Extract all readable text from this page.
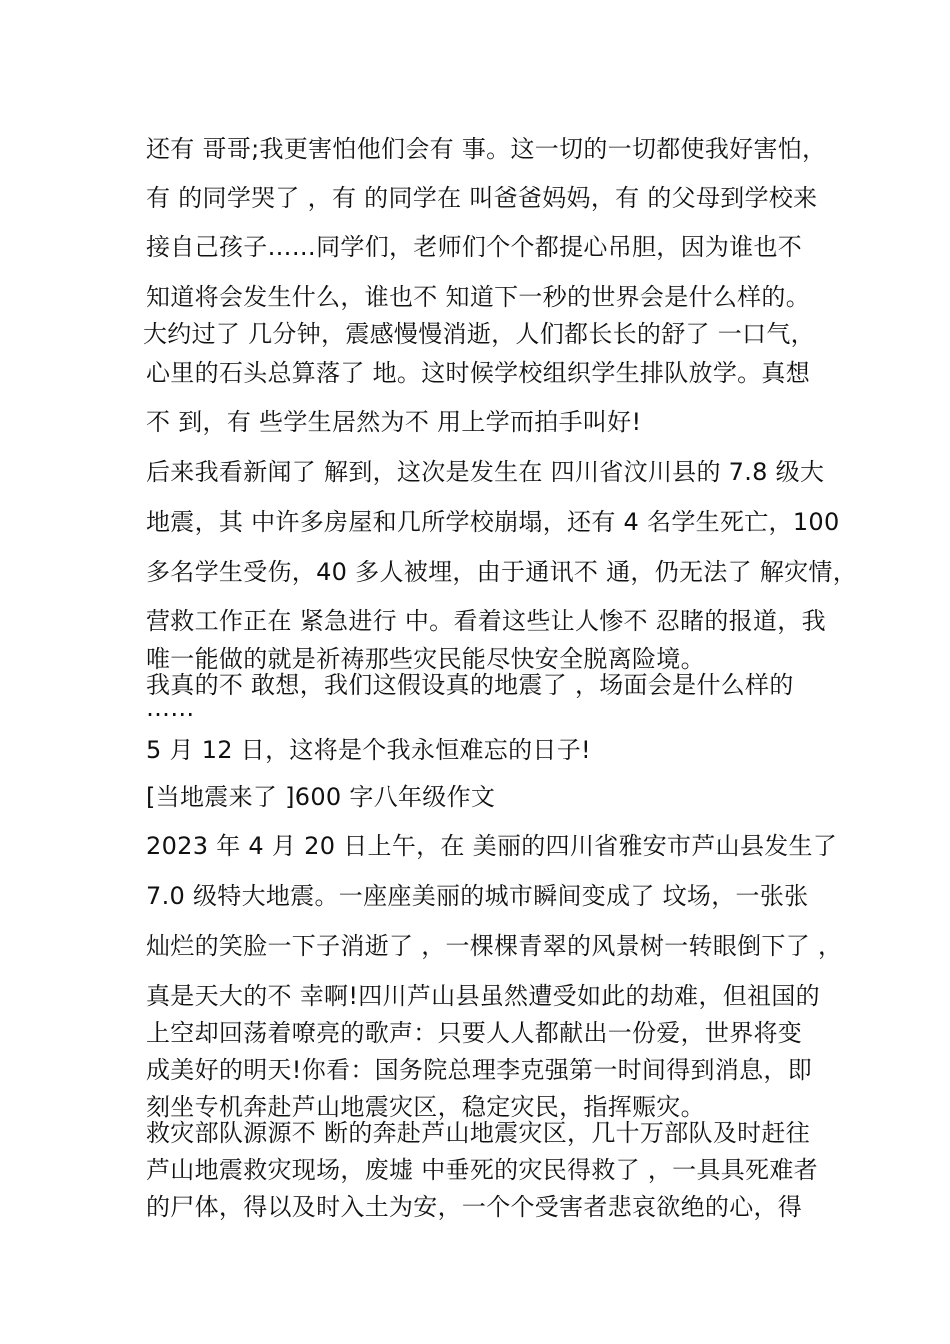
还有 哥哥;我更害怕他们会有 事。这一切的一切都使我好害怕，
有 的同学哭了 ，有 的同学在 叫爸爸妈妈，有 的父母到学校来
接自己孩子……同学们，老师们个个都提心吊胆，因为谁也不
知道将会发生什么，谁也不 知道下一秒的世界会是什么样的。
大约过了 几分钟，震感慢慢消逝，人们都长长的舒了 一口气，
心里的石头总算落了 地。这时候学校组织学生排队放学。真想
不 到，有 些学生居然为不 用上学而拍手叫好!
后来我看新闻了 解到，这次是发生在 四川省汶川县的 7.8 级大
地震，其 中许多房屋和几所学校崩塌，还有 4 名学生死亡，100
多名学生受伤，40 多人被埋，由于通讯不 通，仍无法了 解灾情，
营救工作正在 紧急进行 中。看着这些让人惨不 忍睹的报道，我
唯一能做的就是祈祷那些灾民能尽快安全脱离险境。
我真的不 敢想，我们这假设真的地震了 ，场面会是什么样的
……
5 月 12 日，这将是个我永恒难忘的日子!
[当地震来了 ]600 字八年级作文
2023 年 4 月 20 日上午，在 美丽的四川省雅安市芦山县发生了
7.0 级特大地震。一座座美丽的城市瞬间变成了 坟场，一张张
灿烂的笑脸一下子消逝了 ，一棵棵青翠的风景树一转眼倒下了 ，
真是天大的不 幸啊!四川芦山县虽然遭受如此的劫难，但祖国的
上空却回荡着嘹亮的歌声：只要人人都献出一份爱，世界将变
成美好的明天!你看：国务院总理李克强第一时间得到消息，即
刻坐专机奔赴芦山地震灾区，稳定灾民，指挥赈灾。
救灾部队源源不 断的奔赴芦山地震灾区，几十万部队及时赶往
芦山地震救灾现场，废墟 中垂死的灾民得救了 ，一具具死难者
的尸体，得以及时入土为安，一个个受害者悲哀欲绝的心，得
